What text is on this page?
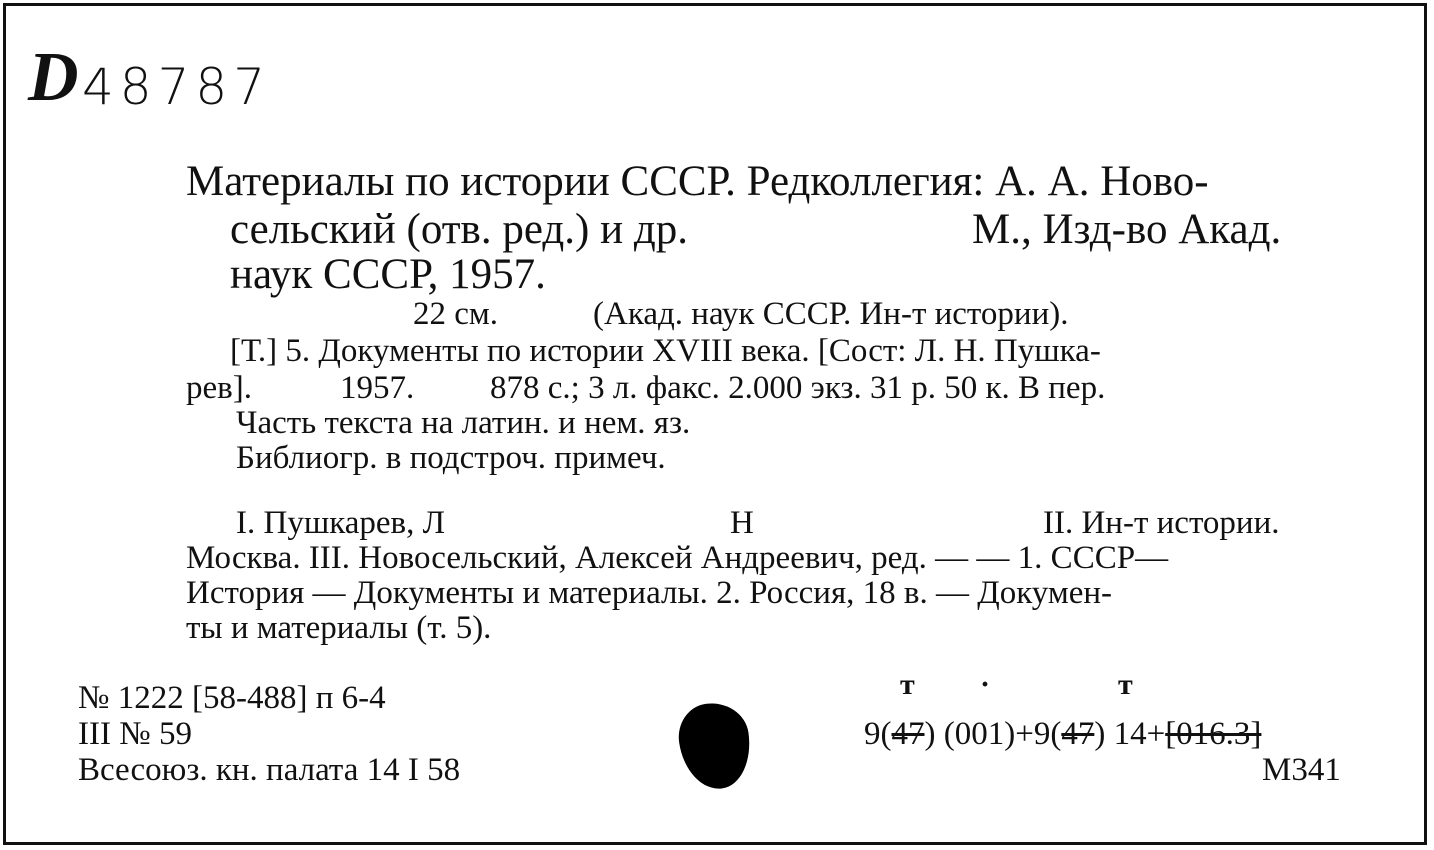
D 48787
Материалы по истории СССР. Редколлегия: А. А. Ново-
сельский (отв. ред.) и др.	М., Изд-во Акад.
наук СССР, 1957.
22 см.	(Акад. наук СССР. Ин-т истории).
[Т.] 5. Документы по истории XVIII века. [Сост: Л. Н. Пушка-
рев].	1957. 878 с.; 3 л. факс. 2.000 экз. 31 р. 50 к. В пер.
Часть текста на латин. и нем. яз.
Библиогр. в подстроч. примеч.
I. Пушкарев, Л	Н	II. Ин-т истории.
Москва. III. Новосельский, Алексей Андреевич, ред. — — 1. СССР—
История — Документы и материалы. 2. Россия, 18 в. — Докумен-
ты и материалы (т. 5).
№ 1222 [58-488] п 6-4
III № 59
Всесоюз. кн. палата 14 I 58
т ·	т
9(47) (001)+9(47) 14+[016.3]
М341
